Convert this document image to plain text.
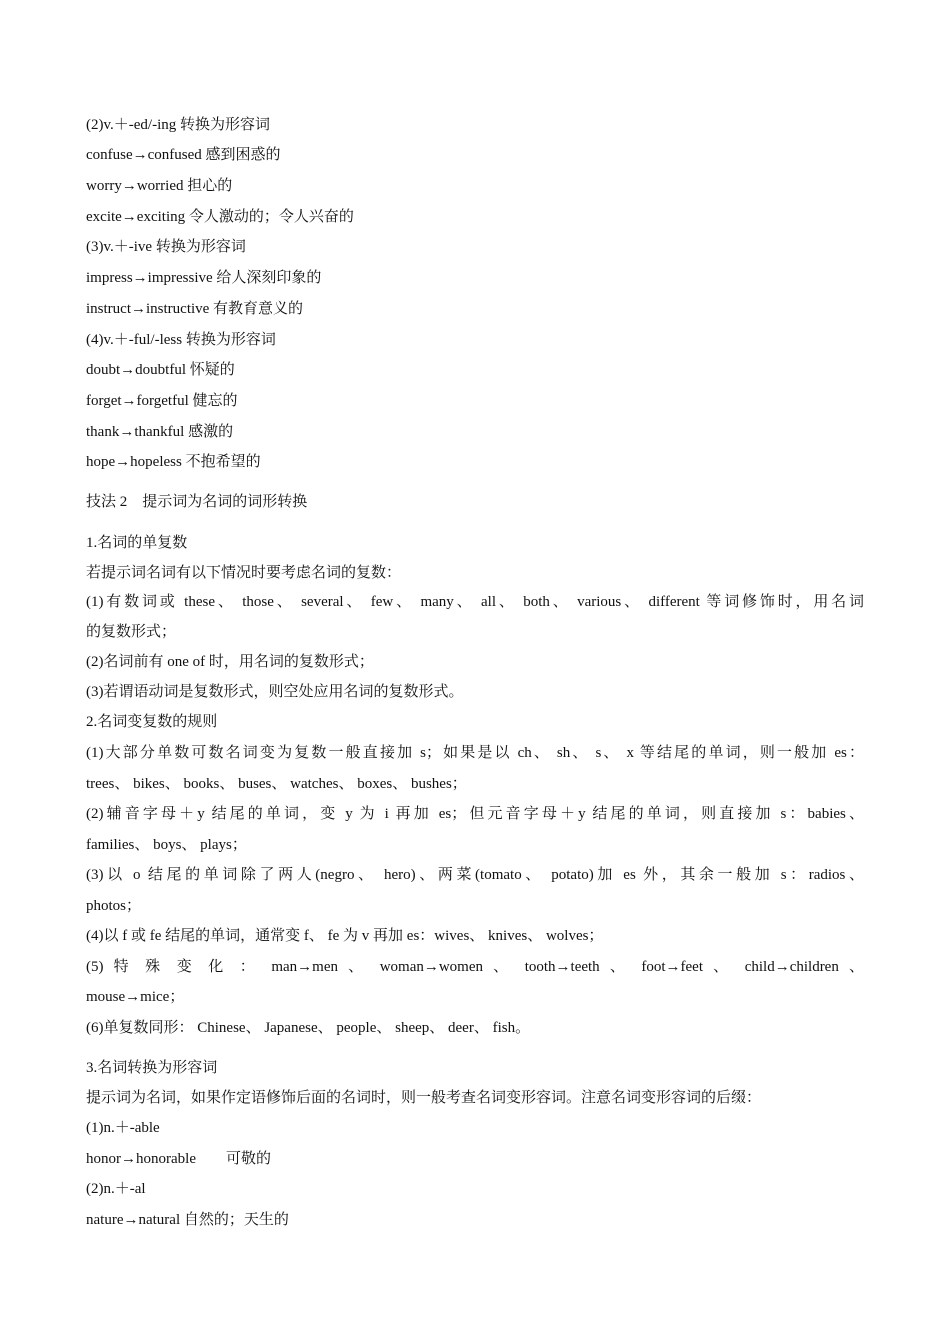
(2)v.＋-ed/-ing 转换为形容词
confuse→confused 感到困惑的
worry→worried 担心的
excite→exciting 令人激动的；令人兴奋的
(3)v.＋-ive 转换为形容词
impress→impressive 给人深刻印象的
instruct→instructive 有教育意义的
(4)v.＋-ful/-less 转换为形容词
doubt→doubtful 怀疑的
forget→forgetful 健忘的
thank→thankful 感激的
hope→hopeless 不抱希望的
技法 2　提示词为名词的词形转换
1.名词的单复数
若提示词名词有以下情况时要考虑名词的复数：
(1)有数词或 these、 those、 several、 few、 many、 all、 both、 various、 different 等词修饰时，用名词
的复数形式；
(2)名词前有 one of 时，用名词的复数形式；
(3)若谓语动词是复数形式，则空处应用名词的复数形式。
2.名词变复数的规则
(1)大部分单数可数名词变为复数一般直接加 s；如果是以 ch、 sh、 s、 x 等结尾的单词，则一般加 es：
trees、 bikes、 books、 buses、 watches、 boxes、 bushes；
(2)辅音字母＋y 结尾的单词，变 y 为 i 再加 es；但元音字母＋y 结尾的单词，则直接加 s：babies、
families、 boys、 plays；
(3)以 o 结尾的单词除了两人(negro、 hero)、两菜(tomato、 potato)加 es 外，其余一般加 s：radios、
photos；
(4)以 f 或 fe 结尾的单词，通常变 f、 fe 为 v 再加 es：wives、 knives、 wolves；
(5) 特 殊 变 化 ： man→men 、 woman→women 、 tooth→teeth 、 foot→feet 、 child→children 、
mouse→mice；
(6)单复数同形： Chinese、 Japanese、 people、 sheep、 deer、 fish。
3.名词转换为形容词
提示词为名词，如果作定语修饰后面的名词时，则一般考查名词变形容词。注意名词变形容词的后缀：
(1)n.＋-able
honor→honorable　　可敬的
(2)n.＋-al
nature→natural 自然的；天生的
